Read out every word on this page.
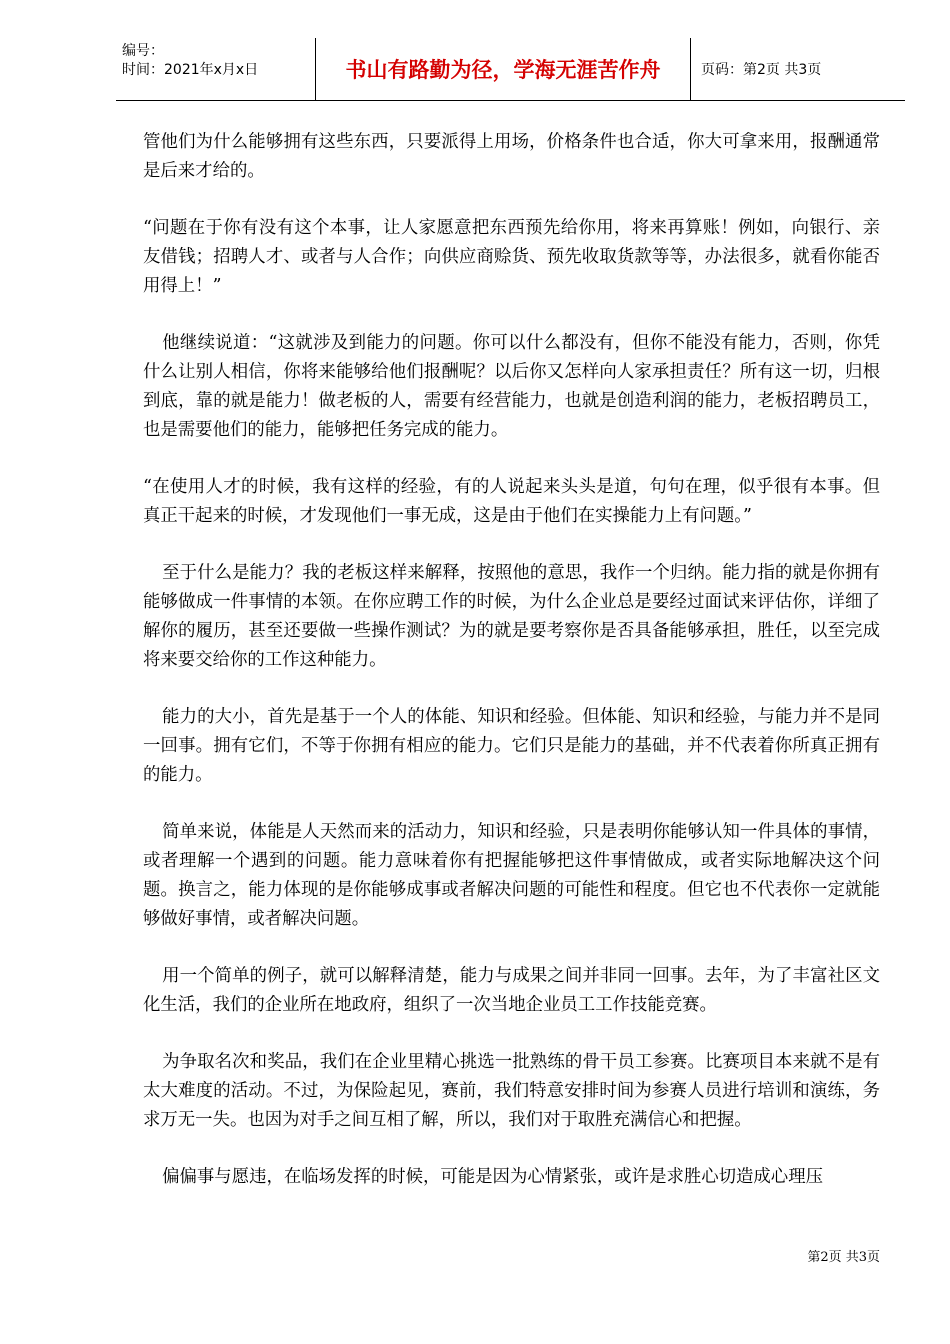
编号：
时间：2021年x月x日	书山有路勤为径，学海无涯苦作舟	页码：第2页 共3页

管他们为什么能够拥有这些东西，只要派得上用场，价格条件也合适，你大可拿来用，报酬通常是后来才给的。

“问题在于你有没有这个本事，让人家愿意把东西预先给你用，将来再算账！例如，向银行、亲友借钱；招聘人才、或者与人合作；向供应商赊货、预先收取货款等等，办法很多，就看你能否用得上！”

他继续说道：“这就涉及到能力的问题。你可以什么都没有，但你不能没有能力，否则，你凭什么让别人相信，你将来能够给他们报酬呢？以后你又怎样向人家承担责任？所有这一切，归根到底，靠的就是能力！做老板的人，需要有经营能力，也就是创造利润的能力，老板招聘员工，也是需要他们的能力，能够把任务完成的能力。

“在使用人才的时候，我有这样的经验，有的人说起来头头是道，句句在理，似乎很有本事。但真正干起来的时候，才发现他们一事无成，这是由于他们在实操能力上有问题。”

至于什么是能力？我的老板这样来解释，按照他的意思，我作一个归纳。能力指的就是你拥有能够做成一件事情的本领。在你应聘工作的时候，为什么企业总是要经过面试来评估你，详细了解你的履历，甚至还要做一些操作测试？为的就是要考察你是否具备能够承担，胜任，以至完成将来要交给你的工作这种能力。

能力的大小，首先是基于一个人的体能、知识和经验。但体能、知识和经验，与能力并不是同一回事。拥有它们，不等于你拥有相应的能力。它们只是能力的基础，并不代表着你所真正拥有的能力。

简单来说，体能是人天然而来的活动力，知识和经验，只是表明你能够认知一件具体的事情，或者理解一个遇到的问题。能力意味着你有把握能够把这件事情做成，或者实际地解决这个问题。换言之，能力体现的是你能够成事或者解决问题的可能性和程度。但它也不代表你一定就能够做好事情，或者解决问题。

用一个简单的例子，就可以解释清楚，能力与成果之间并非同一回事。去年，为了丰富社区文化生活，我们的企业所在地政府，组织了一次当地企业员工工作技能竞赛。

为争取名次和奖品，我们在企业里精心挑选一批熟练的骨干员工参赛。比赛项目本来就不是有太大难度的活动。不过，为保险起见，赛前，我们特意安排时间为参赛人员进行培训和演练，务求万无一失。也因为对手之间互相了解，所以，我们对于取胜充满信心和把握。

偏偏事与愿违，在临场发挥的时候，可能是因为心情紧张，或许是求胜心切造成心理压

第2页 共3页
